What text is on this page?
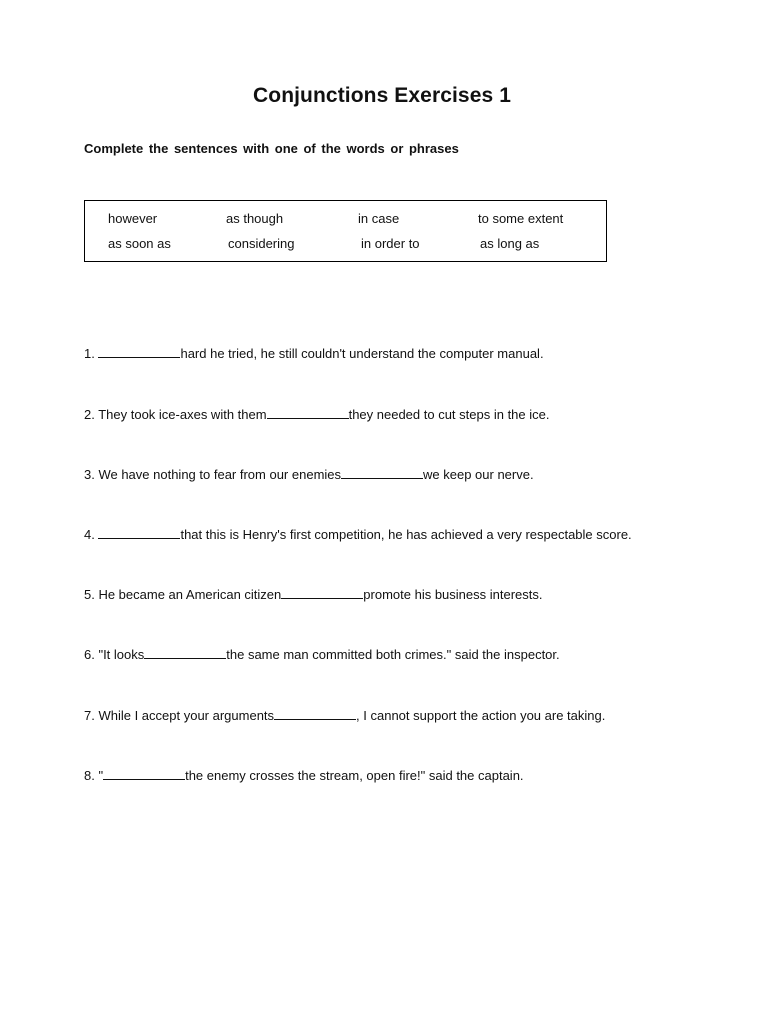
Conjunctions Exercises 1
Complete the sentences with one of the words or phrases
however	as though	in case	to some extent
as soon as	considering	in order to	as long as
1.	hard he tried, he still couldn't understand the computer manual.
2. They took ice-axes with them	they needed to cut steps in the ice.
3. We have nothing to fear from our enemies	we keep our nerve.
4.	that this is Henry's first competition, he has achieved a very respectable score.
5. He became an American citizen	promote his business interests.
6. "It looks	the same man committed both crimes." said the inspector.
7. While I accept your arguments	, I cannot support the action you are taking.
8. "	the enemy crosses the stream, open fire!" said the captain.
